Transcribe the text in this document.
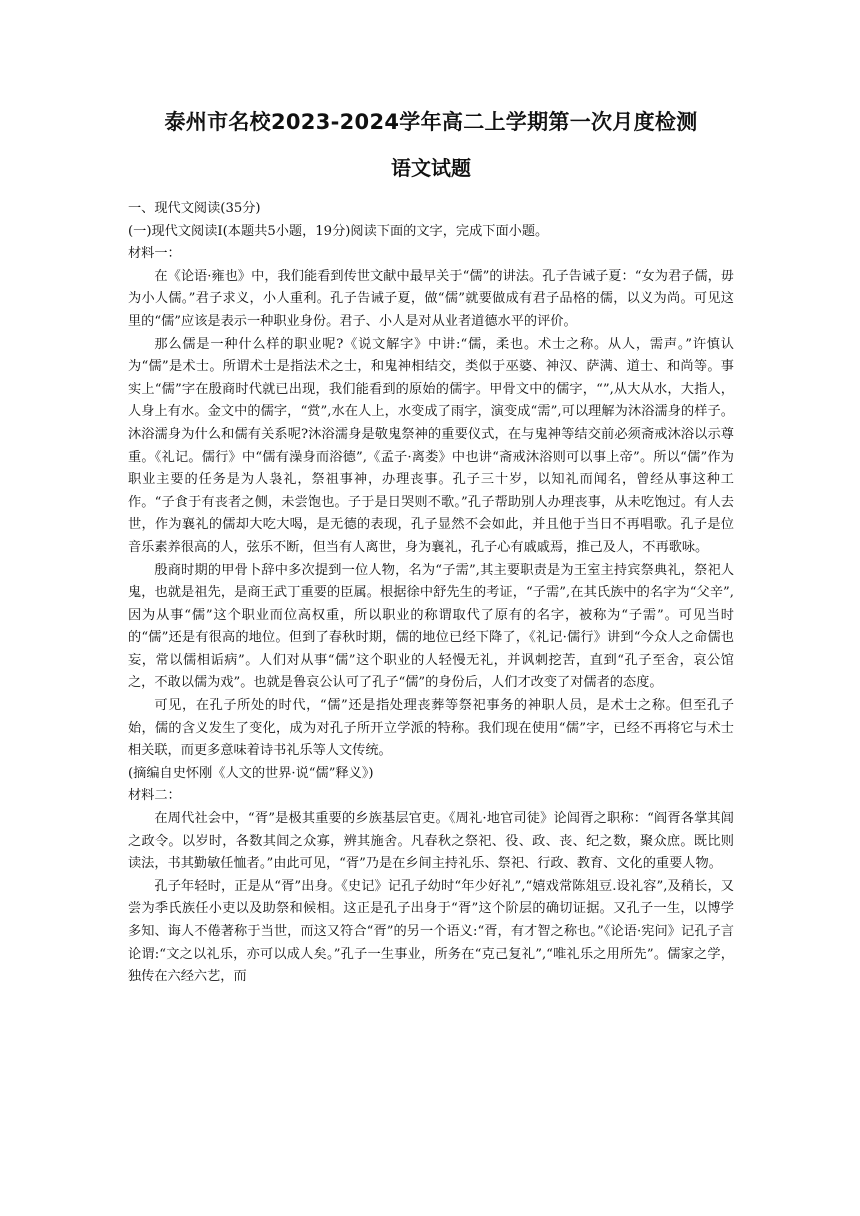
泰州市名校2023-2024学年高二上学期第一次月度检测
语文试题

一、现代文阅读(35分)

(一)现代文阅读Ⅰ(本题共5小题，19分)阅读下面的文字，完成下面小题。

材料一：

在《论语·雍也》中，我们能看到传世文献中最早关于“儒”的讲法。孔子告诫子夏：“女为君子儒，毋为小人儒。”君子求义，小人重利。孔子告诫子夏，做“儒”就要做成有君子品格的儒，以义为尚。可见这里的“儒”应该是表示一种职业身份。君子、小人是对从业者道德水平的评价。

那么儒是一种什么样的职业呢?《说文解字》中讲:“儒，柔也。术士之称。从人，需声。”许慎认为“儒”是术士。所谓术士是指法术之士，和鬼神相结交，类似于巫婆、神汉、萨满、道士、和尚等。事实上“儒”字在殷商时代就已出现，我们能看到的原始的儒字。甲骨文中的儒字，“”,从大从水，大指人，人身上有水。金文中的儒字，“赏”,水在人上，水变成了雨字，演变成“需”,可以理解为沐浴濡身的样子。沐浴濡身为什么和儒有关系呢?沐浴濡身是敬鬼祭神的重要仪式，在与鬼神等结交前必须斋戒沐浴以示尊重。《礼记。儒行》中“儒有澡身而浴德”,《孟子·离娄》中也讲“斋戒沐浴则可以事上帝”。所以“儒”作为职业主要的任务是为人袅礼，祭祖事神，办理丧事。孔子三十岁，以知礼而闻名，曾经从事这种工作。“子食于有丧者之侧，未尝饱也。子于是日哭则不歌。”孔子帮助别人办理丧事，从未吃饱过。有人去世，作为襄礼的儒却大吃大喝，是无德的表现，孔子显然不会如此，并且他于当日不再唱歌。孔子是位音乐素养很高的人，弦乐不断，但当有人离世，身为襄礼，孔子心有戚戚焉，推己及人，不再歌咏。

殷商时期的甲骨卜辞中多次提到一位人物，名为“子需”,其主要职责是为王室主持宾祭典礼，祭祀人鬼，也就是祖先，是商王武丁重要的臣属。根据徐中舒先生的考证，“子需”,在其氏族中的名字为“父辛”,因为从事“儒”这个职业而位高权重，所以职业的称谓取代了原有的名字，被称为“子需”。可见当时的“儒”还是有很高的地位。但到了春秋时期，儒的地位已经下降了，《礼记·儒行》讲到“今众人之命儒也妄，常以儒相诟病”。人们对从事“儒”这个职业的人轻慢无礼，并讽刺挖苦，直到“孔子至舍，哀公馆之，不敢以儒为戏”。也就是鲁哀公认可了孔子“儒”的身份后，人们才改变了对儒者的态度。

可见，在孔子所处的时代，“儒”还是指处理丧葬等祭祀事务的神职人员，是术士之称。但至孔子始，儒的含义发生了变化，成为对孔子所开立学派的特称。我们现在使用“儒”字，已经不再将它与术士相关联，而更多意味着诗书礼乐等人文传统。

(摘编自史怀刚《人文的世界·说“儒”释义》)

材料二：

在周代社会中，“胥”是极其重要的乡族基层官吏。《周礼·地官司徒》论闾胥之职称：“阎胥各掌其闾之政令。以岁时，各数其闾之众寡，辨其施舍。凡春秋之祭祀、役、政、丧、纪之数，聚众庶。既比则读法，书其勤敏任恤者。”由此可见，“胥”乃是在乡间主持礼乐、祭祀、行政、教育、文化的重要人物。

孔子年轻时，正是从“胥”出身。《史记》记孔子幼时“年少好礼”,“嬉戏常陈俎豆.设礼容”,及稍长，又尝为季氏族任小吏以及助祭和候相。这正是孔子出身于“胥”这个阶层的确切证据。又孔子一生，以博学多知、诲人不倦著称于当世，而这又符合“胥”的另一个语义:“胥，有才智之称也。”《论语·宪问》记孔子言论谓:“文之以礼乐，亦可以成人矣。”孔子一生事业，所务在“克己复礼”,“唯礼乐之用所先”。儒家之学，独传在六经六艺，而
